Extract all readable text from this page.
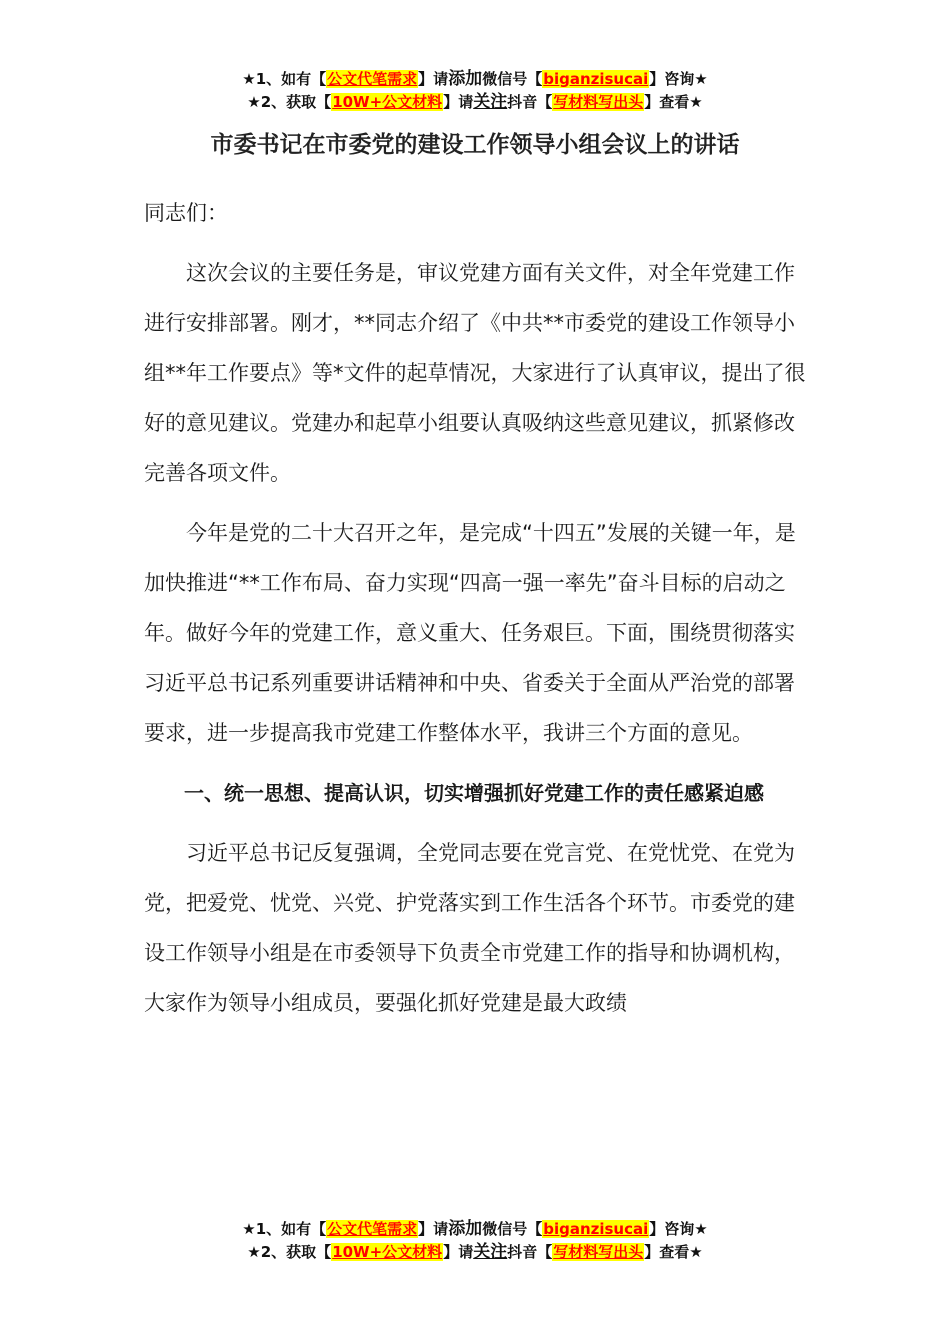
★1、如有【公文代笔需求】请添加微信号【biganzisucai】咨询★
★2、获取【10W+公文材料】请关注抖音【写材料写出头】查看★
市委书记在市委党的建设工作领导小组会议上的讲话

同志们：

这次会议的主要任务是，审议党建方面有关文件，对全年党建工作进行安排部署。刚才，**同志介绍了《中共**市委党的建设工作领导小组**年工作要点》等*文件的起草情况，大家进行了认真审议，提出了很好的意见建议。党建办和起草小组要认真吸纳这些意见建议，抓紧修改完善各项文件。

今年是党的二十大召开之年，是完成“十四五”发展的关键一年，是加快推进“**工作布局、奋力实现“四高一强一率先”奋斗目标的启动之年。做好今年的党建工作，意义重大、任务艰巨。下面，围绕贯彻落实习近平总书记系列重要讲话精神和中央、省委关于全面从严治党的部署要求，进一步提高我市党建工作整体水平，我讲三个方面的意见。

一、统一思想、提高认识，切实增强抓好党建工作的责任感紧迫感

习近平总书记反复强调，全党同志要在党言党、在党忧党、在党为党，把爱党、忧党、兴党、护党落实到工作生活各个环节。市委党的建设工作领导小组是在市委领导下负责全市党建工作的指导和协调机构，大家作为领导小组成员，要强化抓好党建是最大政绩

★1、如有【公文代笔需求】请添加微信号【biganzisucai】咨询★
★2、获取【10W+公文材料】请关注抖音【写材料写出头】查看★
